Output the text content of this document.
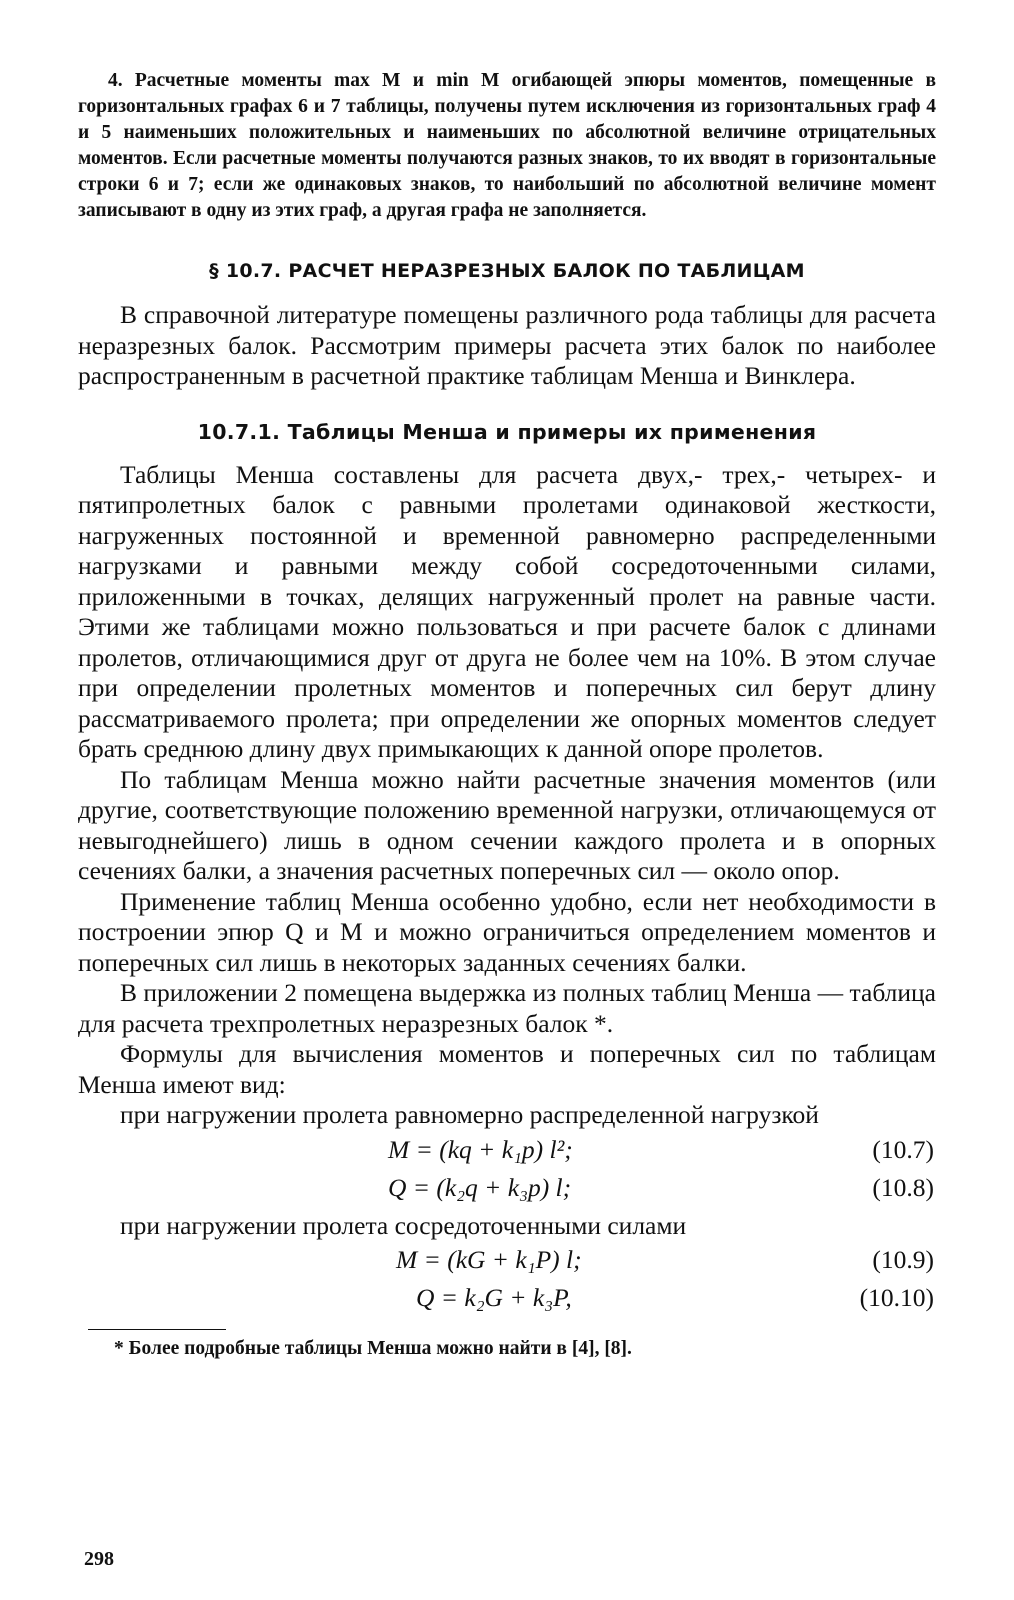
4. Расчетные моменты max М и min М огибающей эпюры моментов, помещенные в горизонтальных графах 6 и 7 таблицы, получены путем исключения из горизонтальных граф 4 и 5 наименьших положительных и наименьших по абсолютной величине отрицательных моментов. Если расчетные моменты получаются разных знаков, то их вводят в горизонтальные строки 6 и 7; если же одинаковых знаков, то наибольший по абсолютной величине момент записывают в одну из этих граф, а другая графа не заполняется.

§ 10.7. РАСЧЕТ НЕРАЗРЕЗНЫХ БАЛОК ПО ТАБЛИЦАМ

В справочной литературе помещены различного рода таблицы для расчета неразрезных балок. Рассмотрим примеры расчета этих балок по наиболее распространенным в расчетной практике таблицам Менша и Винклера.

10.7.1. Таблицы Менша и примеры их применения

Таблицы Менша составлены для расчета двух,- трех,- четырех- и пятипролетных балок с равными пролетами одинаковой жесткости, нагруженных постоянной и временной равномерно распределенными нагрузками и равными между собой сосредоточенными силами, приложенными в точках, делящих нагруженный пролет на равные части. Этими же таблицами можно пользоваться и при расчете балок с длинами пролетов, отличающимися друг от друга не более чем на 10%. В этом случае при определении пролетных моментов и поперечных сил берут длину рассматриваемого пролета; при определении же опорных моментов следует брать среднюю длину двух примыкающих к данной опоре пролетов.

По таблицам Менша можно найти расчетные значения моментов (или другие, соответствующие положению временной нагрузки, отличающемуся от невыгоднейшего) лишь в одном сечении каждого пролета и в опорных сечениях балки, а значения расчетных поперечных сил — около опор.

Применение таблиц Менша особенно удобно, если нет необходимости в построении эпюр Q и М и можно ограничиться определением моментов и поперечных сил лишь в некоторых заданных сечениях балки.

В приложении 2 помещена выдержка из полных таблиц Менша — таблица для расчета трехпролетных неразрезных балок *.

Формулы для вычисления моментов и поперечных сил по таблицам Менша имеют вид:

при нагружении пролета равномерно распределенной нагрузкой

M = (kq + k₁p) l²;	(10.7)
Q = (k₂q + k₃p) l;	(10.8)

при нагружении пролета сосредоточенными силами

M = (kG + k₁P) l;	(10.9)
Q = k₂G + k₃P,	(10.10)

* Более подробные таблицы Менша можно найти в [4], [8].

298
